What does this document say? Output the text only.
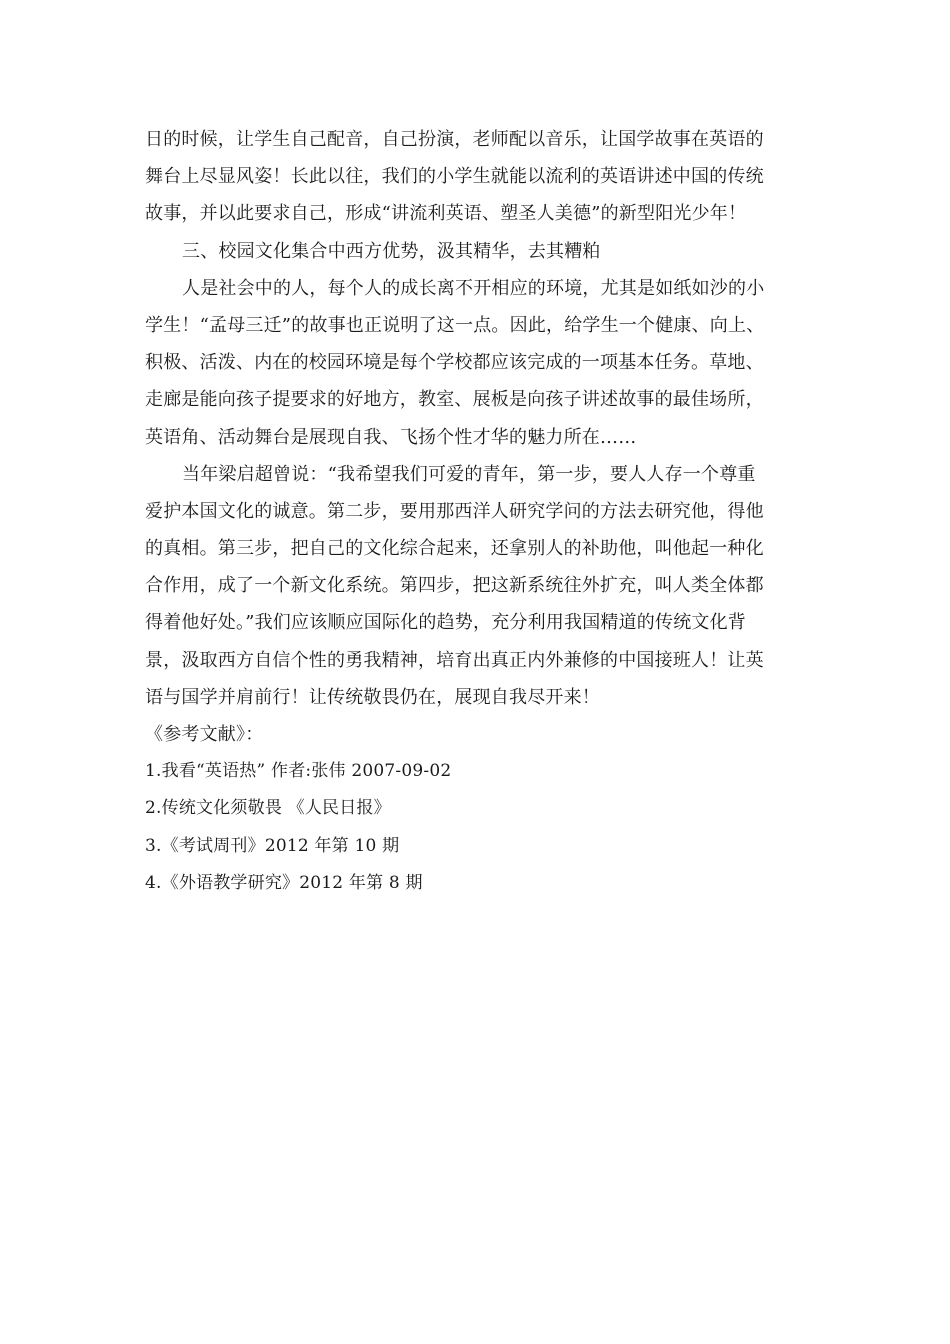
日的时候，让学生自己配音，自己扮演，老师配以音乐，让国学故事在英语的
舞台上尽显风姿！长此以往，我们的小学生就能以流利的英语讲述中国的传统
故事，并以此要求自己，形成“讲流利英语、塑圣人美德”的新型阳光少年！
三、校园文化集合中西方优势，汲其精华，去其糟粕
人是社会中的人，每个人的成长离不开相应的环境，尤其是如纸如沙的小
学生！“孟母三迁”的故事也正说明了这一点。因此，给学生一个健康、向上、
积极、活泼、内在的校园环境是每个学校都应该完成的一项基本任务。草地、
走廊是能向孩子提要求的好地方，教室、展板是向孩子讲述故事的最佳场所，
英语角、活动舞台是展现自我、飞扬个性才华的魅力所在……
当年梁启超曾说：“我希望我们可爱的青年，第一步，要人人存一个尊重
爱护本国文化的诚意。第二步，要用那西洋人研究学问的方法去研究他，得他
的真相。第三步，把自己的文化综合起来，还拿别人的补助他，叫他起一种化
合作用，成了一个新文化系统。第四步，把这新系统往外扩充，叫人类全体都
得着他好处。”我们应该顺应国际化的趋势，充分利用我国精道的传统文化背
景，汲取西方自信个性的勇我精神，培育出真正内外兼修的中国接班人！让英
语与国学并肩前行！让传统敬畏仍在，展现自我尽开来！
《参考文献》：
1.我看“英语热” 作者:张伟 2007-09-02
2.传统文化须敬畏 《人民日报》
3.《考试周刊》2012 年第 10 期
4.《外语教学研究》2012 年第 8 期
